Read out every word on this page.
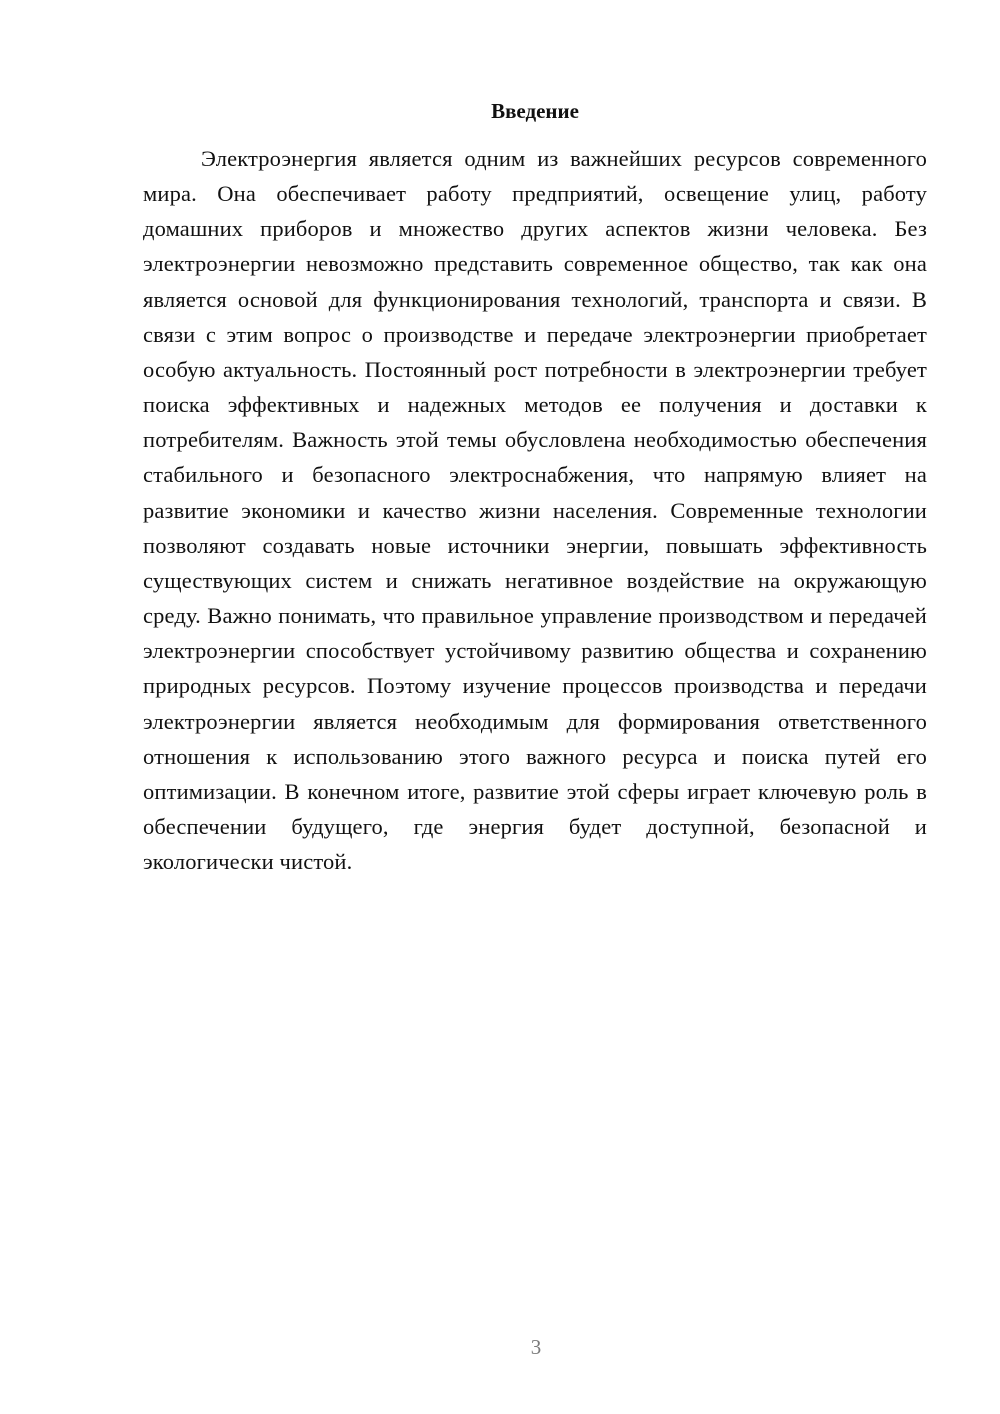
Введение

Электроэнергия является одним из важнейших ресурсов современного мира. Она обеспечивает работу предприятий, освещение улиц, работу домашних приборов и множество других аспектов жизни человека. Без электроэнергии невозможно представить современное общество, так как она является основой для функционирования технологий, транспорта и связи. В связи с этим вопрос о производстве и передаче электроэнергии приобретает особую актуальность. Постоянный рост потребности в электроэнергии требует поиска эффективных и надежных методов ее получения и доставки к потребителям. Важность этой темы обусловлена необходимостью обеспечения стабильного и безопасного электроснабжения, что напрямую влияет на развитие экономики и качество жизни населения. Современные технологии позволяют создавать новые источники энергии, повышать эффективность существующих систем и снижать негативное воздействие на окружающую среду. Важно понимать, что правильное управление производством и передачей электроэнергии способствует устойчивому развитию общества и сохранению природных ресурсов. Поэтому изучение процессов производства и передачи электроэнергии является необходимым для формирования ответственного отношения к использованию этого важного ресурса и поиска путей его оптимизации. В конечном итоге, развитие этой сферы играет ключевую роль в обеспечении будущего, где энергия будет доступной, безопасной и экологически чистой.

3
